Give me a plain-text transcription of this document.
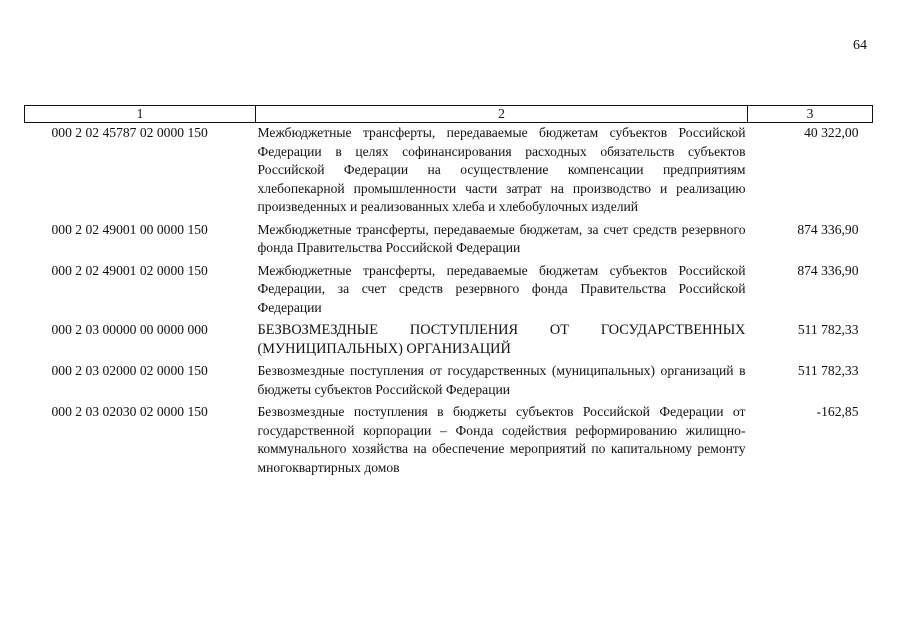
64
1	2	3
000 2 02 45787 02 0000 150	Межбюджетные трансферты, передаваемые бюджетам субъектов Российской Федерации в целях софинансирования расходных обязательств субъектов Российской Федерации на осуществление компенсации предприятиям хлебопекарной промышленности части затрат на производство и реализацию произведенных и реализованных хлеба и хлебобулочных изделий	40 322,00
000 2 02 49001 00 0000 150	Межбюджетные трансферты, передаваемые бюджетам, за счет средств резервного фонда Правительства Российской Федерации	874 336,90
000 2 02 49001 02 0000 150	Межбюджетные трансферты, передаваемые бюджетам субъектов Российской Федерации, за счет средств резервного фонда Правительства Российской Федерации	874 336,90
000 2 03 00000 00 0000 000	БЕЗВОЗМЕЗДНЫЕ ПОСТУПЛЕНИЯ ОТ ГОСУДАРСТВЕННЫХ (МУНИЦИПАЛЬНЫХ) ОРГАНИЗАЦИЙ	511 782,33
000 2 03 02000 02 0000 150	Безвозмездные поступления от государственных (муниципальных) организаций в бюджеты субъектов Российской Федерации	511 782,33
000 2 03 02030 02 0000 150	Безвозмездные поступления в бюджеты субъектов Российской Федерации от государственной корпорации – Фонда содействия реформированию жилищно-коммунального хозяйства на обеспечение мероприятий по капитальному ремонту многоквартирных домов	-162,85
